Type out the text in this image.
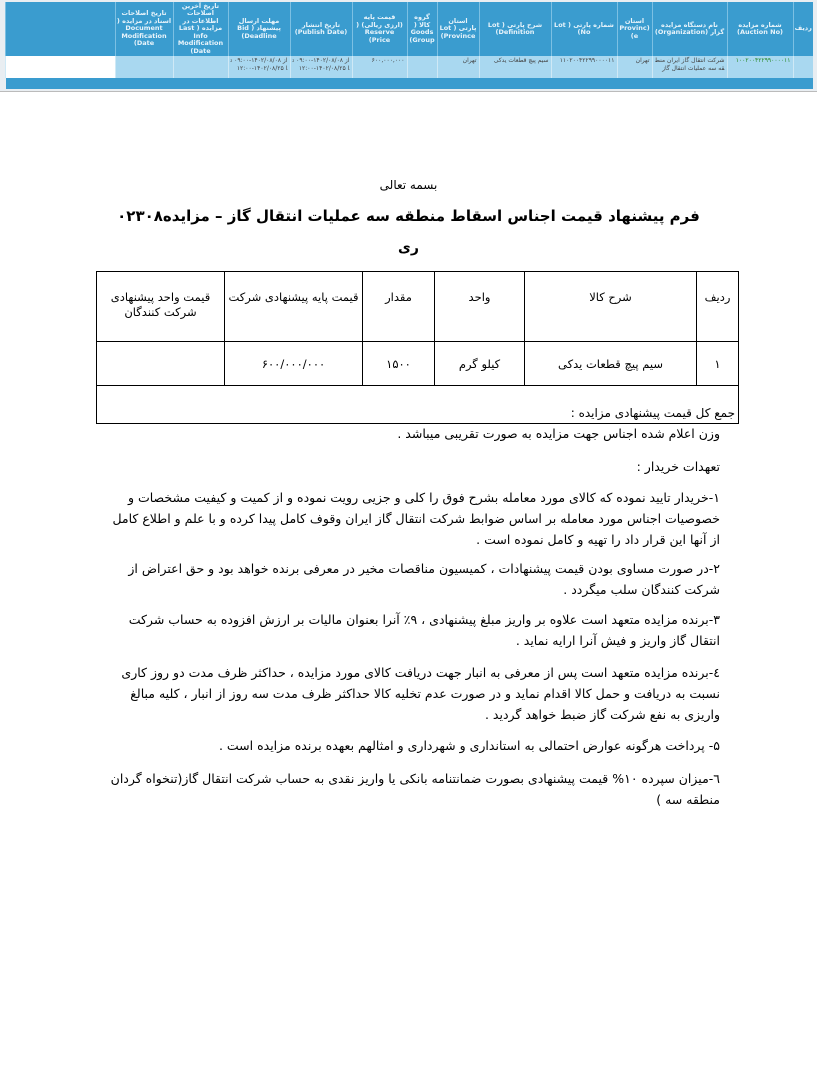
ردیف	شماره مزایده (Auction No)	نام دستگاه مزایده گزار (Organization)	استان (Province)	شماره پارتی ( Lot No)	شرح پارتی ( Lot Definition)	استان پارتی ( Lot Province)	گروه کالا ( Goods Group)	قیمت پایه (ارزی ریالی) ( Reserve Price)	تاریخ انتشار (Publish Date)	مهلت ارسال پیشنهاد ( Bid Deadline)	تاریخ آخرین اصلاحات اطلاعات در مزایده ( Last Info Modification Date)	تاریخ اصلاحات اسناد در مزایده ( Document Modification Date)	
	۱۰۰۲۰۰۴۲۲۹۹۰۰۰۰۱۱	شرکت انتقال گاز ایران منطقه سه عملیات انتقال گاز	تهران	۱۱۰۲۰۰۴۲۲۹۹۰۰۰۰۱۱	سیم پیچ قطعات یدکی	تهران		۶۰۰,۰۰۰,۰۰۰	از ۱۴۰۲/۰۸/۰۸-۰۹:۰۰ تا ۱۴۰۲/۰۸/۲۵-۱۲:۰۰	از ۱۴۰۲/۰۸/۰۸-۰۹:۰۰ تا ۱۴۰۲/۰۸/۲۵-۱۲:۰۰			

بسمه تعالی
فرم پیشنهاد قیمت اجناس اسقاط منطقه سه عملیات انتقال گاز – مزایده۰۲۳۰۸
ری
ردیف	شرح کالا	واحد	مقدار	قیمت پایه پیشنهادی شرکت	قیمت واحد پیشنهادی شرکت کنندگان
۱	سیم پیچ قطعات یدکی	کیلو گرم	۱۵۰۰	۶۰۰/۰۰۰/۰۰۰	
جمع کل قیمت پیشنهادی مزایده :					
وزن اعلام شده اجناس جهت مزایده به صورت تقریبی میباشد .
تعهدات خریدار :
۱-خریدار تایید نموده که کالای مورد معامله بشرح فوق را کلی و جزیی رویت نموده و از کمیت و کیفیت مشخصات و خصوصیات اجناس مورد معامله بر اساس ضوابط شرکت انتقال گاز ایران وقوف کامل پیدا کرده و با علم و اطلاع کامل از آنها این قرار داد را تهیه و کامل نموده است .
۲-در صورت مساوی بودن قیمت پیشنهادات ، کمیسیون مناقصات مخیر در معرفی برنده خواهد بود و حق اعتراض از شرکت کنندگان سلب میگردد .
۳-برنده مزایده متعهد است علاوه بر واریز مبلغ پیشنهادی ، ۹٪ آنرا بعنوان مالیات بر ارزش افزوده به حساب شرکت انتقال گاز واریز و فیش آنرا ارایه نماید .
٤-برنده مزایده متعهد است پس از معرفی به انبار جهت دریافت کالای مورد مزایده ، حداکثر ظرف مدت دو روز کاری نسبت به دریافت و حمل کالا اقدام نماید و در صورت عدم تخلیه کالا حداکثر ظرف مدت سه روز از انبار ، کلیه مبالغ واریزی به نفع شرکت گاز ضبط خواهد گردید .
۵- پرداخت هرگونه عوارض احتمالی به استانداری و شهرداری و امثالهم بعهده برنده مزایده است .
٦-میزان سپرده ۱۰% قیمت پیشنهادی بصورت ضمانتنامه بانکی یا واریز نقدی به حساب شرکت انتقال گاز(تنخواه گردان منطقه سه )
